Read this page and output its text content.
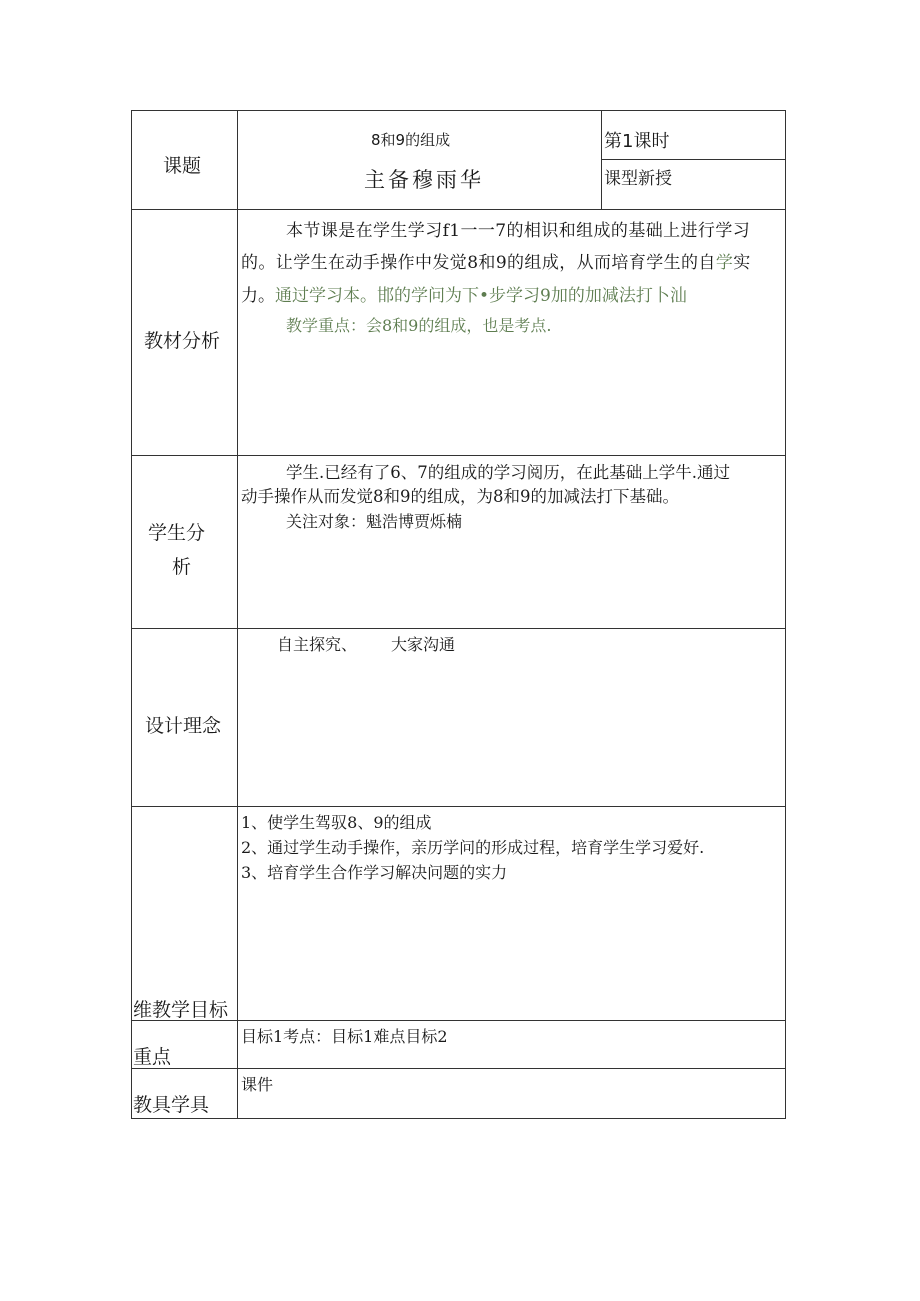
课题
8和9的组成
主备穆雨华
第1课时
课型新授
教材分析
本节课是在学生学习f1一一7的相识和组成的基础上进行学习
的。让学生在动手操作中发觉8和9的组成，从而培育学生的自学实
力。通过学习本。邯的学问为下•步学习9加的加减法打卜汕
教学重点：会8和9的组成，也是考点.
学生分
析
学生.已经有了6、7的组成的学习阅历，在此基础上学牛.通过
动手操作从而发觉8和9的组成，为8和9的加减法打下基础。
关注对象：魁浩博贾烁楠
设计理念
自主探究、 大家沟通
维教学目标
1、使学生驾驭8、9的组成
2、通过学生动手操作，亲历学问的形成过程，培育学生学习爱好.
3、培育学生合作学习解决问题的实力
重点
目标1考点：目标1难点目标2
教具学具
课件
